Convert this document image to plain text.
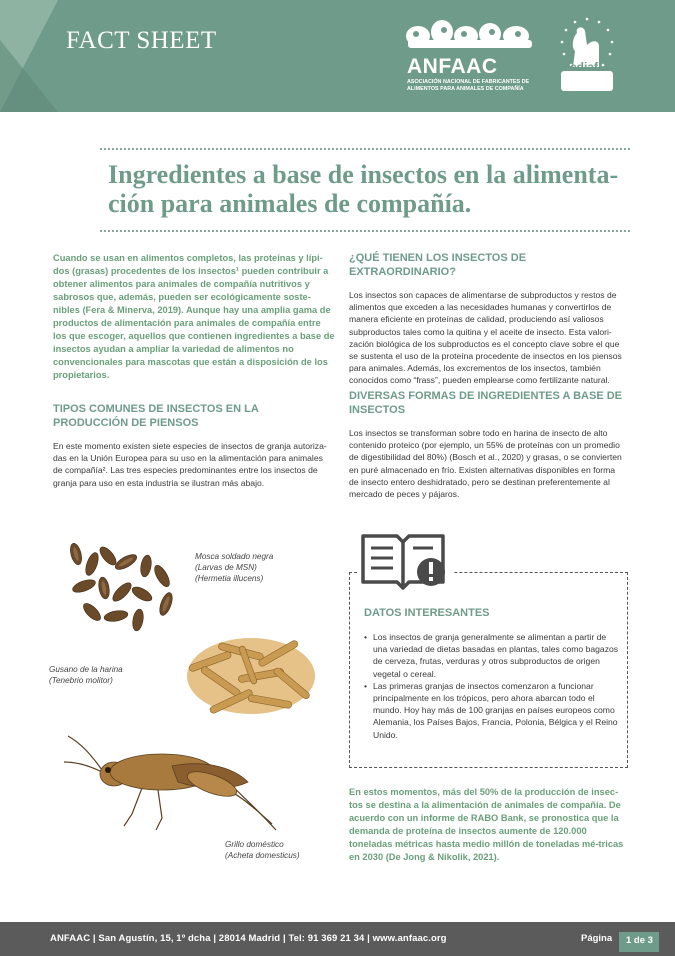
FACT SHEET
ANFAAC
ASOCIACIÓN NACIONAL DE FABRICANTES DE ALIMENTOS PARA ANIMALES DE COMPAÑÍA
fediaf
Ingredientes a base de insectos en la alimenta-ción para animales de compañía.

Cuando se usan en alimentos completos, las proteínas y lípi-dos (grasas) procedentes de los insectos¹ pueden contribuir a obtener alimentos para animales de compañía nutritivos y sabrosos que, además, pueden ser ecológicamente soste-nibles (Fera & Minerva, 2019). Aunque hay una amplia gama de productos de alimentación para animales de compañía entre los que escoger, aquellos que contienen ingredientes a base de insectos ayudan a ampliar la variedad de alimentos no convencionales para mascotas que están a disposición de los propietarios.

TIPOS COMUNES DE INSECTOS EN LA PRODUCCIÓN DE PIENSOS

En este momento existen siete especies de insectos de granja autoriza-das en la Unión Europea para su uso en la alimentación para animales de compañía². Las tres especies predominantes entre los insectos de granja para uso en esta industria se ilustran más abajo.

Mosca soldado negra
(Larvas de MSN)
(Hermetia illucens)
Gusano de la harina
(Tenebrio molitor)
Grillo doméstico
(Acheta domesticus)
¿QUÉ TIENEN LOS INSECTOS DE EXTRAORDINARIO?

Los insectos son capaces de alimentarse de subproductos y restos de alimentos que exceden a las necesidades humanas y convertirlos de manera eficiente en proteínas de calidad, produciendo así valiosos subproductos tales como la quitina y el aceite de insecto. Esta valori-zación biológica de los subproductos es el concepto clave sobre el que se sustenta el uso de la proteína procedente de insectos en los piensos para animales. Además, los excrementos de los insectos, también conocidos como “frass”, pueden emplearse como fertilizante natural.

DIVERSAS FORMAS DE INGREDIENTES A BASE DE INSECTOS

Los insectos se transforman sobre todo en harina de insecto de alto contenido proteico (por ejemplo, un 55% de proteínas con un promedio de digestibilidad del 80%) (Bosch et al., 2020) y grasas, o se convierten en puré almacenado en frío. Existen alternativas disponibles en forma de insecto entero deshidratado, pero se destinan preferentemente al mercado de peces y pájaros.

DATOS INTERESANTES
• Los insectos de granja generalmente se alimentan a partir de una variedad de dietas basadas en plantas, tales como bagazos de cerveza, frutas, verduras y otros subproductos de origen vegetal o cereal.
• Las primeras granjas de insectos comenzaron a funcionar principalmente en los trópicos, pero ahora abarcan todo el mundo. Hoy hay más de 100 granjas en países europeos como Alemania, los Países Bajos, Francia, Polonia, Bélgica y el Reino Unido.

En estos momentos, más del 50% de la producción de insec-tos se destina a la alimentación de animales de compañía. De acuerdo con un informe de RABO Bank, se pronostica que la demanda de proteína de insectos aumente de 120.000 toneladas métricas hasta medio millón de toneladas mé-tricas en 2030 (De Jong & Nikolik, 2021).

ANFAAC | San Agustín, 15, 1º dcha | 28014 Madrid | Tel: 91 369 21 34 | www.anfaac.org	Página 1 de 3
